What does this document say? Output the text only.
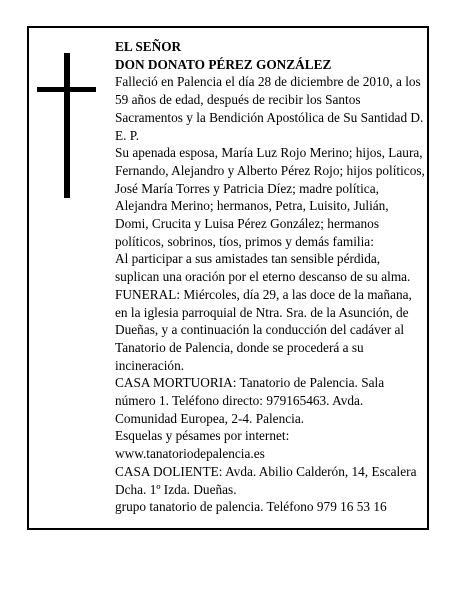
EL SEÑOR

DON DONATO PÉREZ GONZÁLEZ

Falleció en Palencia el día 28 de diciembre de 2010, a los 59 años de edad, después de recibir los Santos Sacramentos y la Bendición Apostólica de Su Santidad D. E. P.

Su apenada esposa, María Luz Rojo Merino; hijos, Laura, Fernando, Alejandro y Alberto Pérez Rojo; hijos políticos, José María Torres y Patricia Díez; madre política, Alejandra Merino; hermanos, Petra, Luisito, Julián, Domi, Crucita y Luisa Pérez González; hermanos políticos, sobrinos, tíos, primos y demás familia:

Al participar a sus amistades tan sensible pérdida, suplican una oración por el eterno descanso de su alma.

FUNERAL: Miércoles, día 29, a las doce de la mañana, en la iglesia parroquial de Ntra. Sra. de la Asunción, de Dueñas, y a continuación la conducción del cadáver al Tanatorio de Palencia, donde se procederá a su incineración.

CASA MORTUORIA: Tanatorio de Palencia. Sala número 1. Teléfono directo: 979165463. Avda. Comunidad Europea, 2-4. Palencia.

Esquelas y pésames por internet: www.tanatoriodepalencia.es

CASA DOLIENTE: Avda. Abilio Calderón, 14, Escalera Dcha. 1º Izda. Dueñas.

grupo tanatorio de palencia. Teléfono 979 16 53 16
